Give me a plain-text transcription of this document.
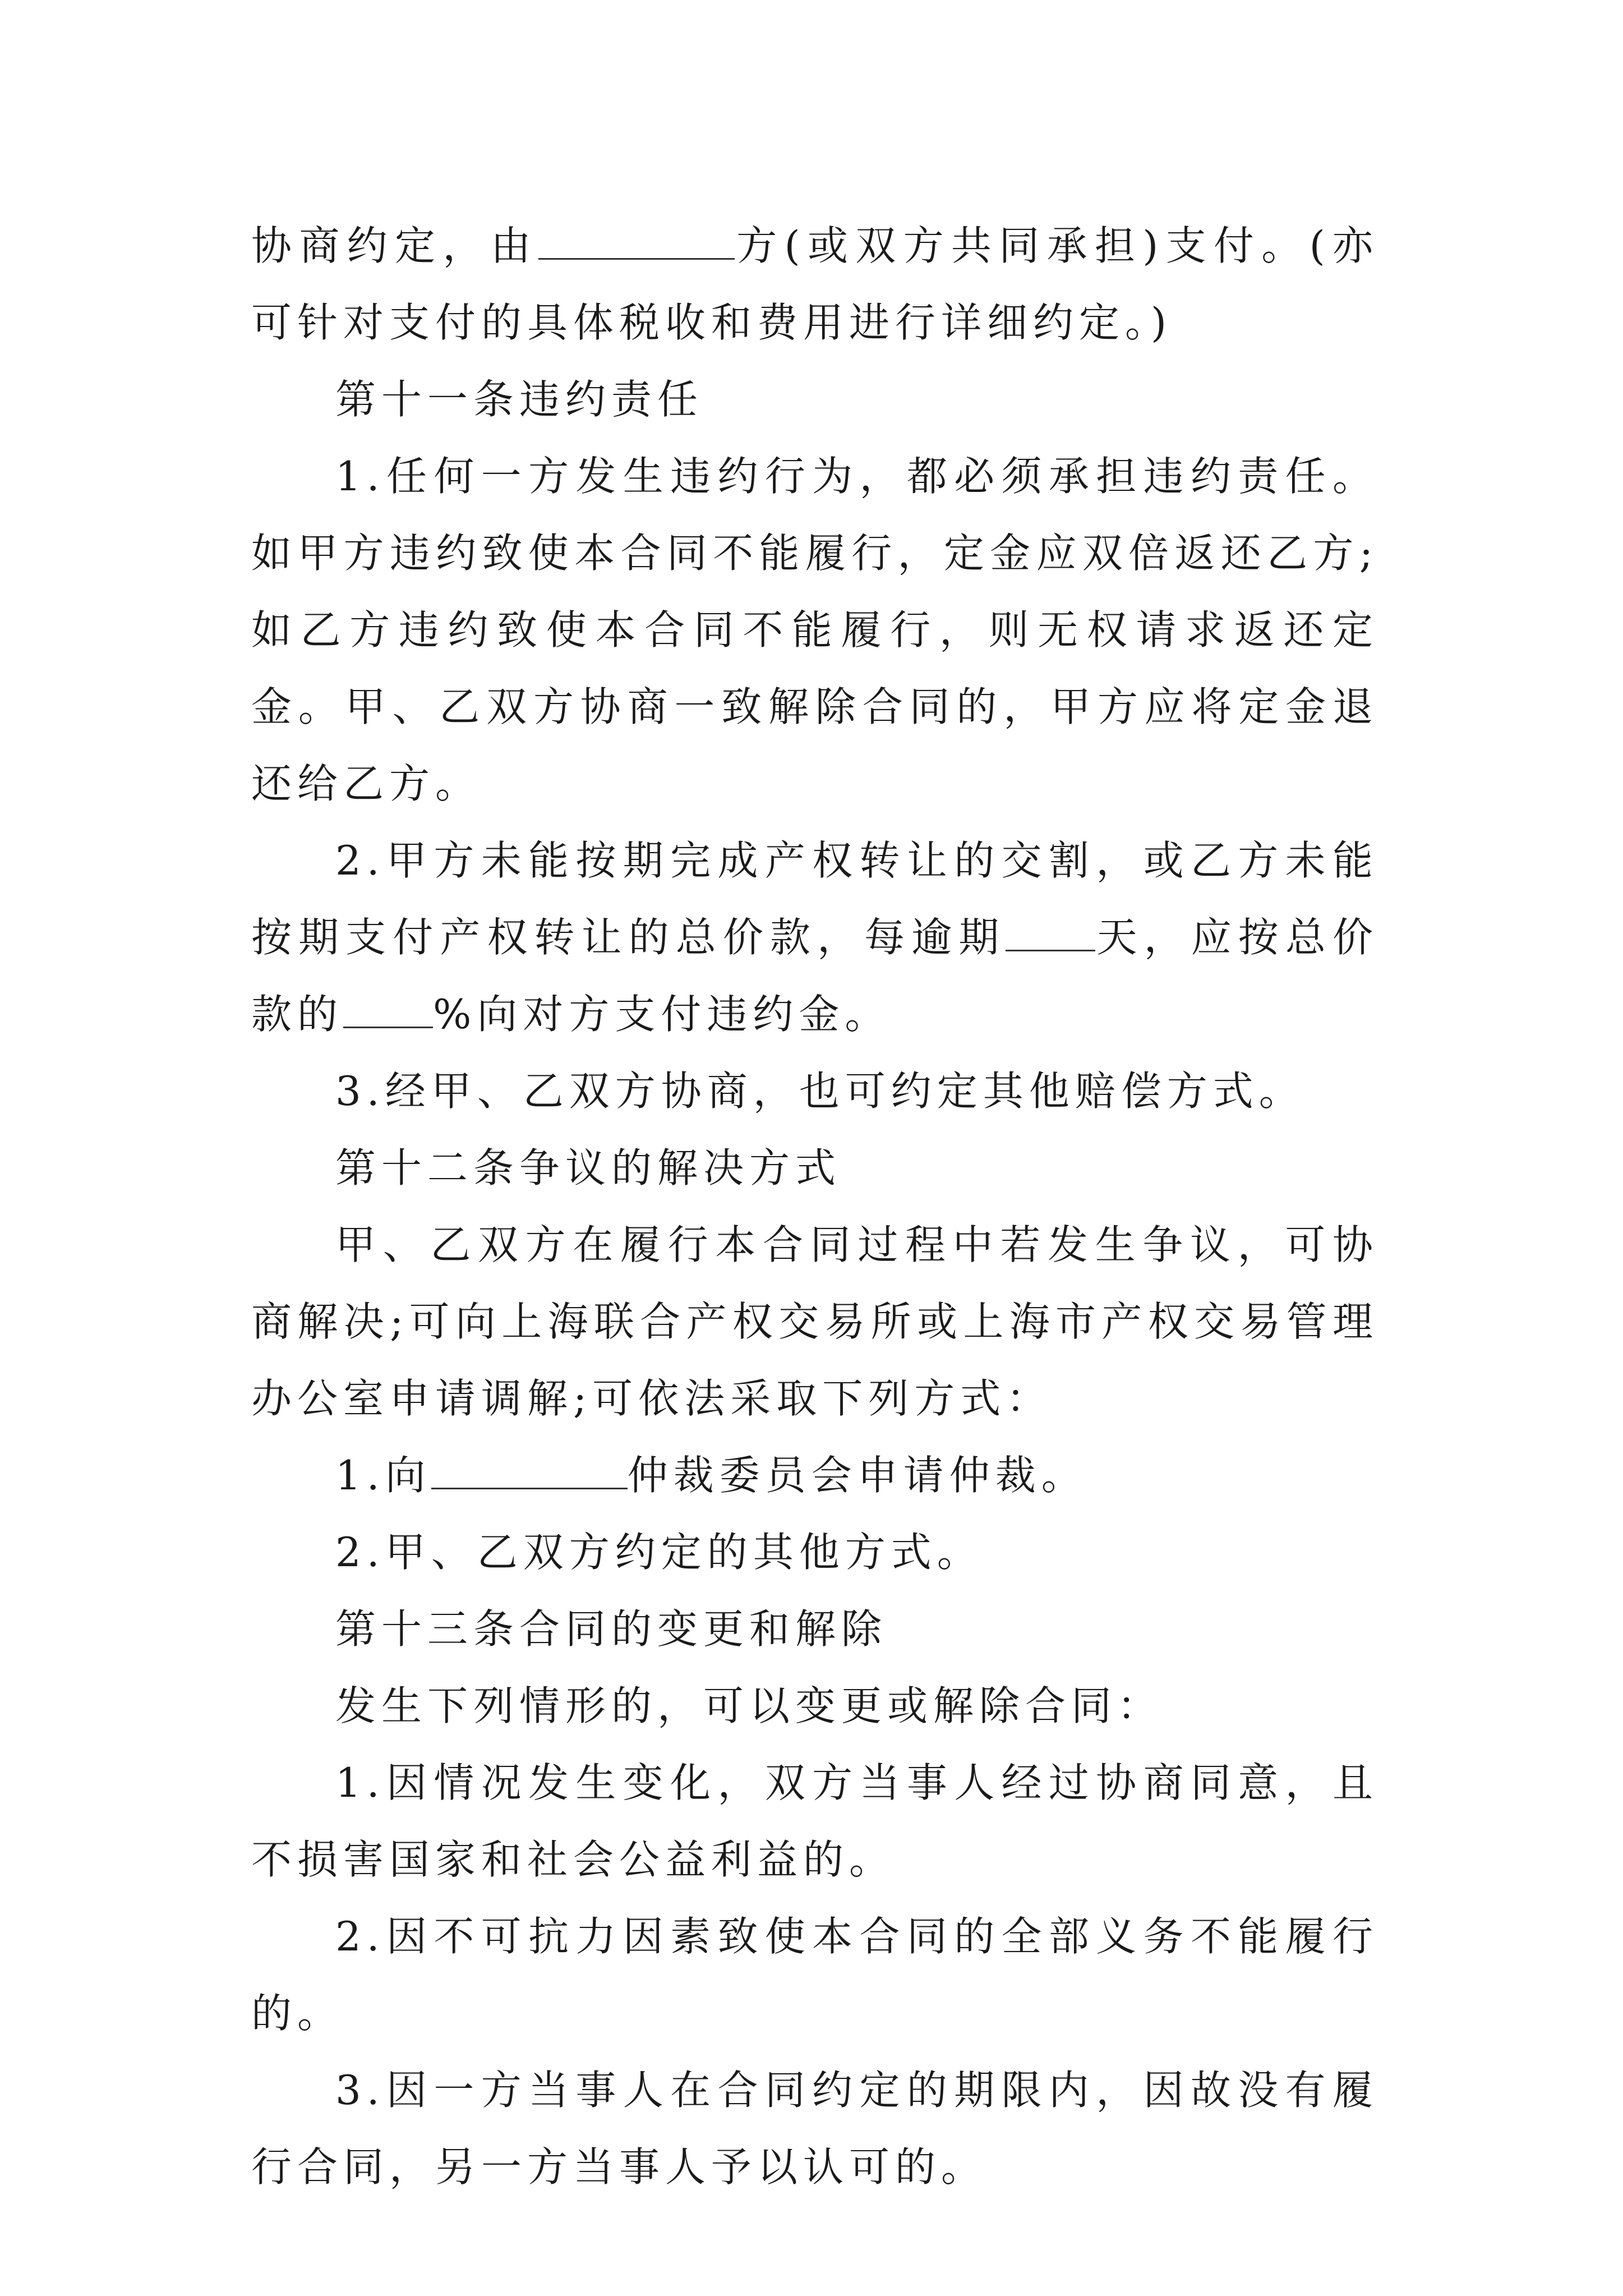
协商约定，由	方(或双方共同承担)支付。(亦可针对支付的具体税收和费用进行详细约定。)

第十一条违约责任

1.任何一方发生违约行为，都必须承担违约责任。如甲方违约致使本合同不能履行，定金应双倍返还乙方;如乙方违约致使本合同不能履行，则无权请求返还定金。甲、乙双方协商一致解除合同的，甲方应将定金退还给乙方。

2.甲方未能按期完成产权转让的交割，或乙方未能按期支付产权转让的总价款，每逾期 天，应按总价款的 %向对方支付违约金。

3.经甲、乙双方协商，也可约定其他赔偿方式。

第十二条争议的解决方式

甲、乙双方在履行本合同过程中若发生争议，可协商解决;可向上海联合产权交易所或上海市产权交易管理办公室申请调解;可依法采取下列方式：

1.向	仲裁委员会申请仲裁。

2.甲、乙双方约定的其他方式。

第十三条合同的变更和解除

发生下列情形的，可以变更或解除合同：

1.因情况发生变化，双方当事人经过协商同意，且不损害国家和社会公益利益的。

2.因不可抗力因素致使本合同的全部义务不能履行的。

3.因一方当事人在合同约定的期限内，因故没有履行合同，另一方当事人予以认可的。
